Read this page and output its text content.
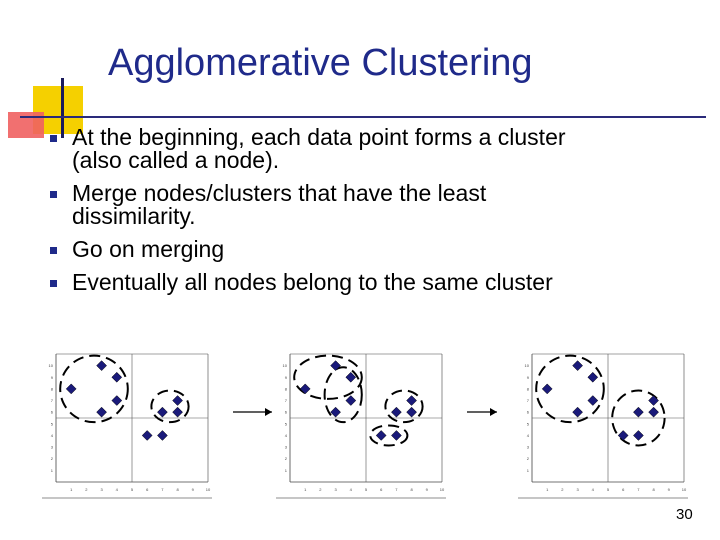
Agglomerative Clustering
At the beginning, each data point forms a cluster
(also called a node).
Merge nodes/clusters that have the least
dissimilarity.
Go on merging
Eventually all nodes belong to the same cluster
1
1
2
2
3
3
4
4
5
5
6
6
7
7
8
8
9
9
10
10
1
1
2
2
3
3
4
4
5
5
6
6
7
7
8
8
9
9
10
10
1
1
2
2
3
3
4
4
5
5
6
6
7
7
8
8
9
9
10
10
30
